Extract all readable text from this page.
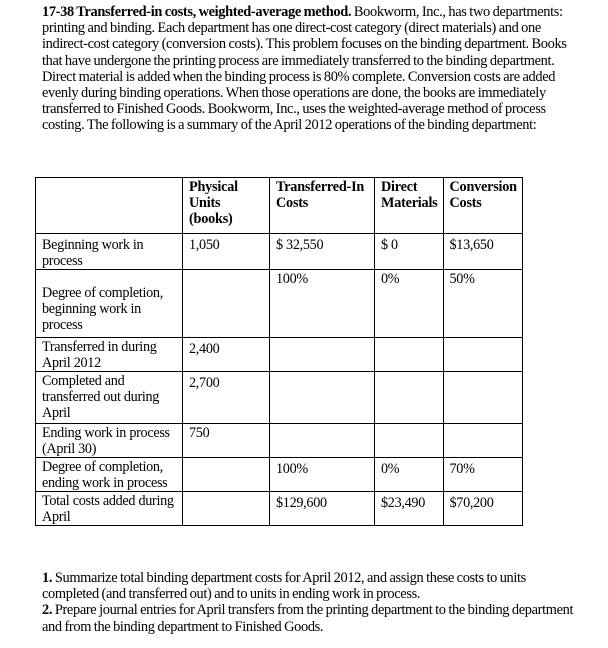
17-38 Transferred-in costs, weighted-average method. Bookworm, Inc., has two departments: printing and binding. Each department has one direct-cost category (direct materials) and one indirect-cost category (conversion costs). This problem focuses on the binding department. Books that have undergone the printing process are immediately transferred to the binding department. Direct material is added when the binding process is 80% complete. Conversion costs are added evenly during binding operations. When those operations are done, the books are immediately transferred to Finished Goods. Bookworm, Inc., uses the weighted-average method of process costing. The following is a summary of the April 2012 operations of the binding department:

	Physical Units (books)	Transferred-In Costs	Direct Materials	Conversion Costs
Beginning work in process	1,050	$ 32,550	$ 0	$13,650

Degree of completion, beginning work in process		100%	0%	50%
Transferred in during April 2012	2,400			
Completed and transferred out during April	2,700			
Ending work in process (April 30)	750			
Degree of completion, ending work in process		100%	0%	70%
Total costs added during April		$129,600	$23,490	$70,200

1. Summarize total binding department costs for April 2012, and assign these costs to units completed (and transferred out) and to units in ending work in process.

2. Prepare journal entries for April transfers from the printing department to the binding department and from the binding department to Finished Goods.
